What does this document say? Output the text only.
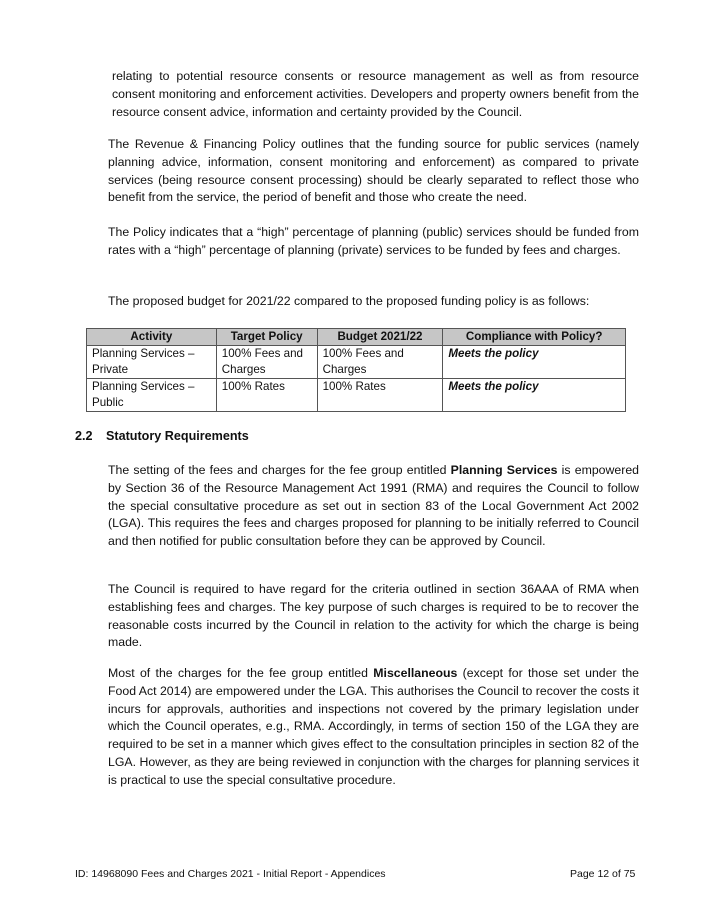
relating to potential resource consents or resource management as well as from resource consent monitoring and enforcement activities. Developers and property owners benefit from the resource consent advice, information and certainty provided by the Council.

The Revenue & Financing Policy outlines that the funding source for public services (namely planning advice, information, consent monitoring and enforcement) as compared to private services (being resource consent processing) should be clearly separated to reflect those who benefit from the service, the period of benefit and those who create the need.

The Policy indicates that a “high” percentage of planning (public) services should be funded from rates with a “high” percentage of planning (private) services to be funded by fees and charges.

The proposed budget for 2021/22 compared to the proposed funding policy is as follows:

Activity	Target Policy	Budget 2021/22	Compliance with Policy?
Planning Services – Private	100% Fees and Charges	100% Fees and Charges	Meets the policy
Planning Services – Public	100% Rates	100% Rates	Meets the policy
2.2 Statutory Requirements

The setting of the fees and charges for the fee group entitled Planning Services is empowered by Section 36 of the Resource Management Act 1991 (RMA) and requires the Council to follow the special consultative procedure as set out in section 83 of the Local Government Act 2002 (LGA). This requires the fees and charges proposed for planning to be initially referred to Council and then notified for public consultation before they can be approved by Council.

The Council is required to have regard for the criteria outlined in section 36AAA of RMA when establishing fees and charges. The key purpose of such charges is required to be to recover the reasonable costs incurred by the Council in relation to the activity for which the charge is being made.

Most of the charges for the fee group entitled Miscellaneous (except for those set under the Food Act 2014) are empowered under the LGA. This authorises the Council to recover the costs it incurs for approvals, authorities and inspections not covered by the primary legislation under which the Council operates, e.g., RMA. Accordingly, in terms of section 150 of the LGA they are required to be set in a manner which gives effect to the consultation principles in section 82 of the LGA. However, as they are being reviewed in conjunction with the charges for planning services it is practical to use the special consultative procedure.

ID: 14968090 Fees and Charges 2021 - Initial Report - Appendices	Page 12 of 75
